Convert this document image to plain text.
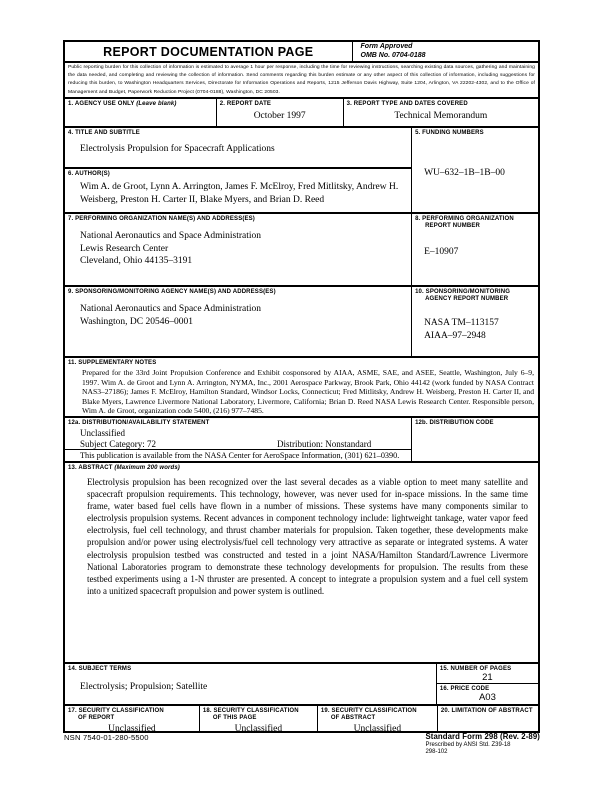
REPORT DOCUMENTATION PAGE	Form Approved
OMB No. 0704-0188

Public reporting burden for this collection of information is estimated to average 1 hour per response, including the time for reviewing instructions, searching existing data sources, gathering and maintaining the data needed, and completing and reviewing the collection of information. Send comments regarding this burden estimate or any other aspect of this collection of information, including suggestions for reducing this burden, to Washington Headquarters Services, Directorate for Information Operations and Reports, 1215 Jefferson Davis Highway, Suite 1204, Arlington, VA 22202-4302, and to the Office of Management and Budget, Paperwork Reduction Project (0704-0188), Washington, DC 20503.

1. AGENCY USE ONLY (Leave blank)	2. REPORT DATE
October 1997
3. REPORT TYPE AND DATES COVERED
Technical Memorandum
4. TITLE AND SUBTITLE
Electrolysis Propulsion for Spacecraft Applications
6. AUTHOR(S)
Wim A. de Groot, Lynn A. Arrington, James F. McElroy, Fred Mitlitsky, Andrew H. Weisberg, Preston H. Carter II, Blake Myers, and Brian D. Reed
5. FUNDING NUMBERS
WU–632–1B–1B–00
7. PERFORMING ORGANIZATION NAME(S) AND ADDRESS(ES)
National Aeronautics and Space Administration
Lewis Research Center
Cleveland, Ohio 44135–3191
8. PERFORMING ORGANIZATION REPORT NUMBER
E–10907
9. SPONSORING/MONITORING AGENCY NAME(S) AND ADDRESS(ES)
National Aeronautics and Space Administration
Washington, DC 20546–0001
10. SPONSORING/MONITORING AGENCY REPORT NUMBER
NASA TM–113157
AIAA–97–2948
11. SUPPLEMENTARY NOTES
Prepared for the 33rd Joint Propulsion Conference and Exhibit cosponsored by AIAA, ASME, SAE, and ASEE, Seattle, Washington, July 6–9, 1997. Wim A. de Groot and Lynn A. Arrington, NYMA, Inc., 2001 Aerospace Parkway, Brook Park, Ohio 44142 (work funded by NASA Contract NAS3–27186); James F. McElroy, Hamilton Standard, Windsor Locks, Connecticut; Fred Mitlitsky, Andrew H. Weisberg, Preston H. Carter II, and Blake Myers, Lawrence Livermore National Laboratory, Livermore, California; Brian D. Reed NASA Lewis Research Center. Responsible person, Wim A. de Groot, organization code 5400, (216) 977–7485.
12a. DISTRIBUTION/AVAILABILITY STATEMENT
Unclassified
Subject Category: 72	Distribution: Nonstandard
This publication is available from the NASA Center for AeroSpace Information, (301) 621–0390.
12b. DISTRIBUTION CODE
13. ABSTRACT (Maximum 200 words)
Electrolysis propulsion has been recognized over the last several decades as a viable option to meet many satellite and spacecraft propulsion requirements. This technology, however, was never used for in-space missions. In the same time frame, water based fuel cells have flown in a number of missions. These systems have many components similar to electrolysis propulsion systems. Recent advances in component technology include: lightweight tankage, water vapor feed electrolysis, fuel cell technology, and thrust chamber materials for propulsion. Taken together, these developments make propulsion and/or power using electrolysis/fuel cell technology very attractive as separate or integrated systems. A water electrolysis propulsion testbed was constructed and tested in a joint NASA/Hamilton Standard/Lawrence Livermore National Laboratories program to demonstrate these technology developments for propulsion. The results from these testbed experiments using a 1-N thruster are presented. A concept to integrate a propulsion system and a fuel cell system into a unitized spacecraft propulsion and power system is outlined.
14. SUBJECT TERMS
Electrolysis; Propulsion; Satellite
15. NUMBER OF PAGES
21
16. PRICE CODE
A03
17. SECURITY CLASSIFICATION
OF REPORT
Unclassified
18. SECURITY CLASSIFICATION
OF THIS PAGE
Unclassified
19. SECURITY CLASSIFICATION
OF ABSTRACT
Unclassified
20. LIMITATION OF ABSTRACT
NSN 7540-01-280-5500	Standard Form 298 (Rev. 2-89)
Prescribed by ANSI Std. Z39-18
298-102
